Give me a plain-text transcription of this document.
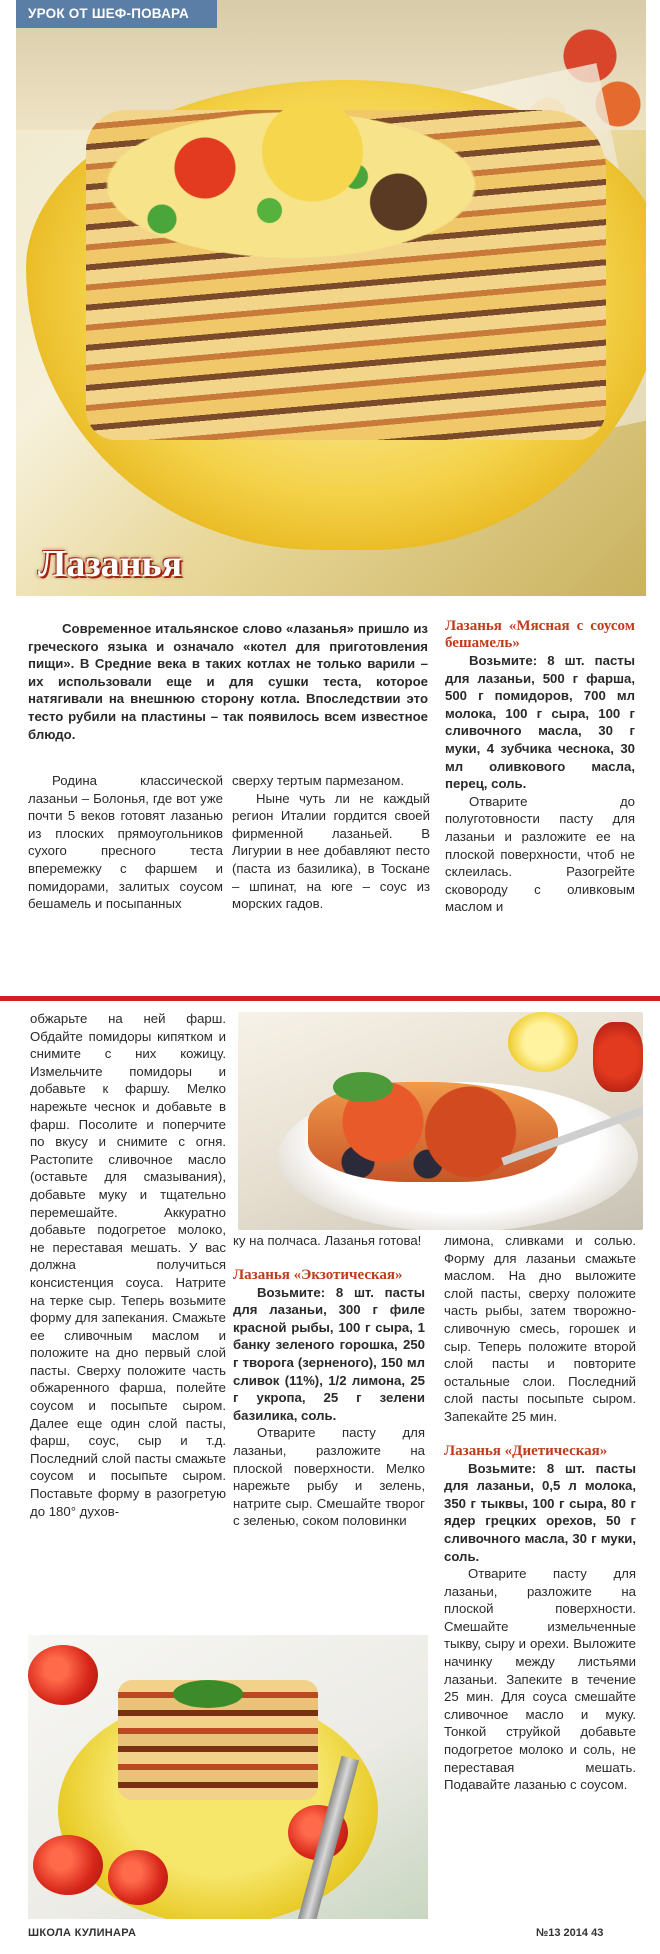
УРОК ОТ ШЕФ-ПОВАРА
Лазанья

Современное итальянское слово «лазанья» пришло из греческого языка и означало «котел для приготовления пищи». В Средние века в таких котлах не только варили – их использовали еще и для сушки теста, которое натягивали на внешнюю сторону котла. Впоследствии это тесто рубили на пластины – так появилось всем известное блюдо.

Родина классической лазаньи – Болонья, где вот уже почти 5 веков готовят лазанью из плоских прямоугольников сухого пресного теста вперемежку с фаршем и помидорами, залитых соусом бешамель и посыпанных

сверху тертым пармезаном.

Ныне чуть ли не каждый регион Италии гордится своей фирменной лазаньей. В Лигурии в нее добавляют песто (паста из базилика), в Тоскане – шпинат, на юге – соус из морских гадов.

Лазанья «Мясная с соусом бешамель»

Возьмите: 8 шт. пасты для лазаньи, 500 г фарша, 500 г помидоров, 700 мл молока, 100 г сыра, 100 г сливочного масла, 30 г муки, 4 зубчика чеснока, 30 мл оливкового масла, перец, соль.

Отварите до полуготовности пасту для лазаньи и разложите ее на плоской поверхности, чтоб не склеилась. Разогрейте сковороду с оливковым маслом и

обжарьте на ней фарш. Обдайте помидоры кипятком и снимите с них кожицу. Измельчите помидоры и добавьте к фаршу. Мелко нарежьте чеснок и добавьте в фарш. Посолите и поперчите по вкусу и снимите с огня. Растопите сливочное масло (оставьте для смазывания), добавьте муку и тщательно перемешайте. Аккуратно добавьте подогретое молоко, не переставая мешать. У вас должна получиться консистенция соуса. Натрите на терке сыр. Теперь возьмите форму для запекания. Смажьте ее сливочным маслом и положите на дно первый слой пасты. Сверху положите часть обжаренного фарша, полейте соусом и посыпьте сыром. Далее еще один слой пасты, фарш, соус, сыр и т.д. Последний слой пасты смажьте соусом и посыпьте сыром. Поставьте форму в разогретую до 180° духов-

ку на полчаса. Лазанья готова!

Лазанья «Экзотическая»

Возьмите: 8 шт. пасты для лазаньи, 300 г филе красной рыбы, 100 г сыра, 1 банку зеленого горошка, 250 г творога (зерненого), 150 мл сливок (11%), 1/2 лимона, 25 г укропа, 25 г зелени базилика, соль.

Отварите пасту для лазаньи, разложите на плоской поверхности. Мелко нарежьте рыбу и зелень, натрите сыр. Смешайте творог с зеленью, соком половинки

лимона, сливками и солью. Форму для лазаньи смажьте маслом. На дно выложите слой пасты, сверху положите часть рыбы, затем творожно-сливочную смесь, горошек и сыр. Теперь положите второй слой пасты и повторите остальные слои. Последний слой пасты посыпьте сыром. Запекайте 25 мин.

Лазанья «Диетическая»

Возьмите: 8 шт. пасты для лазаньи, 0,5 л молока, 350 г тыквы, 100 г сыра, 80 г ядер грецких орехов, 50 г сливочного масла, 30 г муки, соль.

Отварите пасту для лазаньи, разложите на плоской поверхности. Смешайте измельченные тыкву, сыру и орехи. Выложите начинку между листьями лазаньи. Запеките в течение 25 мин. Для соуса смешайте сливочное масло и муку. Тонкой струйкой добавьте подогретое молоко и соль, не переставая мешать. Подавайте лазанью с соусом.

ШКОЛА КУЛИНАРА	№13 2014 43
